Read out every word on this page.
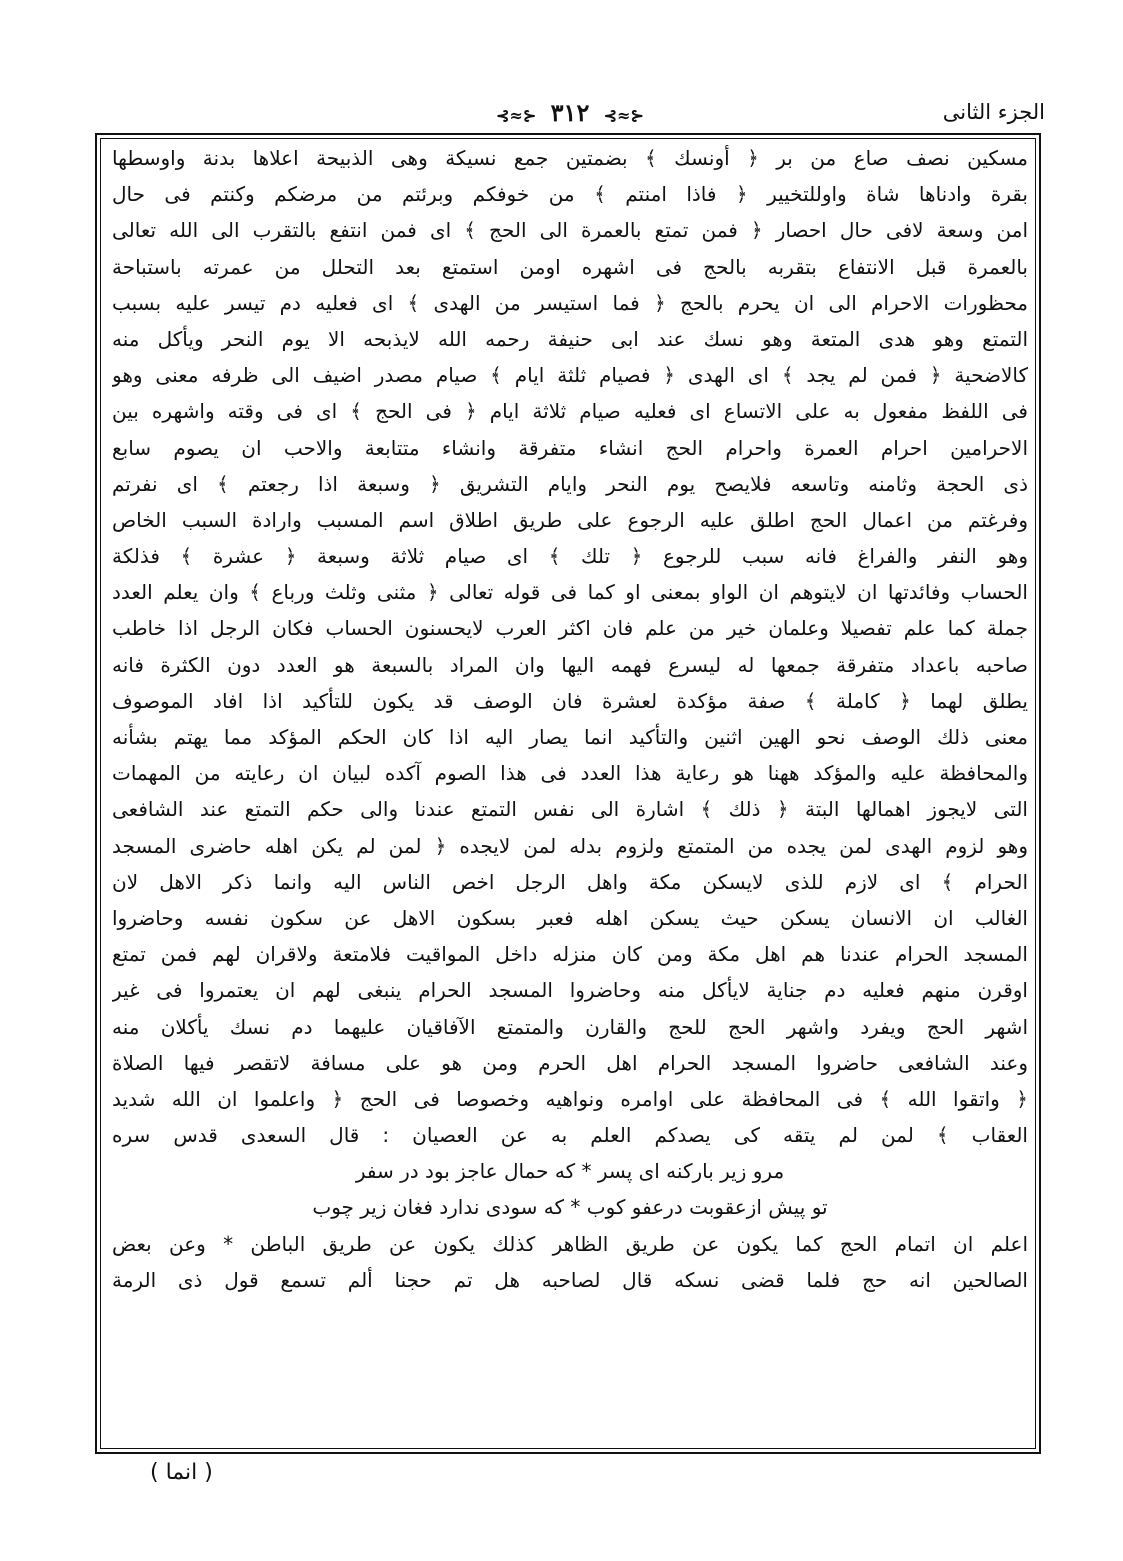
الجزء الثانى
⊰≈⊱ ٣١٢ ⊰≈⊱
مسكين نصف صاع من بر ﴿ أونسك ﴾ بضمتين جمع نسيكة وهى الذبيحة اعلاها بدنة واوسطها
بقرة وادناها شاة واوللتخيير ﴿ فاذا امنتم ﴾ من خوفكم وبرئتم من مرضكم وكنتم فى حال
امن وسعة لافى حال احصار ﴿ فمن تمتع بالعمرة الى الحج ﴾ اى فمن انتفع بالتقرب الى الله تعالى
بالعمرة قبل الانتفاع بتقربه بالحج فى اشهره اومن استمتع بعد التحلل من عمرته باستباحة
محظورات الاحرام الى ان يحرم بالحج ﴿ فما استيسر من الهدى ﴾ اى فعليه دم تيسر عليه بسبب
التمتع وهو هدى المتعة وهو نسك عند ابى حنيفة رحمه الله لايذبحه الا يوم النحر ويأكل منه
كالاضحية ﴿ فمن لم يجد ﴾ اى الهدى ﴿ فصيام ثلثة ايام ﴾ صيام مصدر اضيف الى ظرفه معنى وهو
فى اللفظ مفعول به على الاتساع اى فعليه صيام ثلاثة ايام ﴿ فى الحج ﴾ اى فى وقته واشهره بين
الاحرامين احرام العمرة واحرام الحج انشاء متفرقة وانشاء متتابعة والاحب ان يصوم سابع
ذى الحجة وثامنه وتاسعه فلايصح يوم النحر وايام التشريق ﴿ وسبعة اذا رجعتم ﴾ اى نفرتم
وفرغتم من اعمال الحج اطلق عليه الرجوع على طريق اطلاق اسم المسبب وارادة السبب الخاص
وهو النفر والفراغ فانه سبب للرجوع ﴿ تلك ﴾ اى صيام ثلاثة وسبعة ﴿ عشرة ﴾ فذلكة
الحساب وفائدتها ان لايتوهم ان الواو بمعنى او كما فى قوله تعالى ﴿ مثنى وثلث ورباع ﴾ وان يعلم العدد
جملة كما علم تفصيلا وعلمان خير من علم فان اكثر العرب لايحسنون الحساب فكان الرجل اذا خاطب
صاحبه باعداد متفرقة جمعها له ليسرع فهمه اليها وان المراد بالسبعة هو العدد دون الكثرة فانه
يطلق لهما ﴿ كاملة ﴾ صفة مؤكدة لعشرة فان الوصف قد يكون للتأكيد اذا افاد الموصوف
معنى ذلك الوصف نحو الهين اثنين والتأكيد انما يصار اليه اذا كان الحكم المؤكد مما يهتم بشأنه
والمحافظة عليه والمؤكد ههنا هو رعاية هذا العدد فى هذا الصوم آكده لبيان ان رعايته من المهمات
التى لايجوز اهمالها البتة ﴿ ذلك ﴾ اشارة الى نفس التمتع عندنا والى حكم التمتع عند الشافعى
وهو لزوم الهدى لمن يجده من المتمتع ولزوم بدله لمن لايجده ﴿ لمن لم يكن اهله حاضرى المسجد
الحرام ﴾ اى لازم للذى لايسكن مكة واهل الرجل اخص الناس اليه وانما ذكر الاهل لان
الغالب ان الانسان يسكن حيث يسكن اهله فعبر بسكون الاهل عن سكون نفسه وحاضروا
المسجد الحرام عندنا هم اهل مكة ومن كان منزله داخل المواقيت فلامتعة ولاقران لهم فمن تمتع
اوقرن منهم فعليه دم جناية لايأكل منه وحاضروا المسجد الحرام ينبغى لهم ان يعتمروا فى غير
اشهر الحج ويفرد واشهر الحج للحج والقارن والمتمتع الآفاقيان عليهما دم نسك يأكلان منه
وعند الشافعى حاضروا المسجد الحرام اهل الحرم ومن هو على مسافة لاتقصر فيها الصلاة
﴿ واتقوا الله ﴾ فى المحافظة على اوامره ونواهيه وخصوصا فى الحج ﴿ واعلموا ان الله شديد
العقاب ﴾ لمن لم يتقه كى يصدكم العلم به عن العصيان : قال السعدى قدس سره
مرو زير باركنه اى پسر * كه حمال عاجز بود در سفر
تو پيش ازعقوبت درعفو كوب * كه سودى ندارد فغان زير چوب
اعلم ان اتمام الحج كما يكون عن طريق الظاهر كذلك يكون عن طريق الباطن * وعن بعض
الصالحين انه حج فلما قضى نسكه قال لصاحبه هل تم حجنا ألم تسمع قول ذى الرمة
( انما )
